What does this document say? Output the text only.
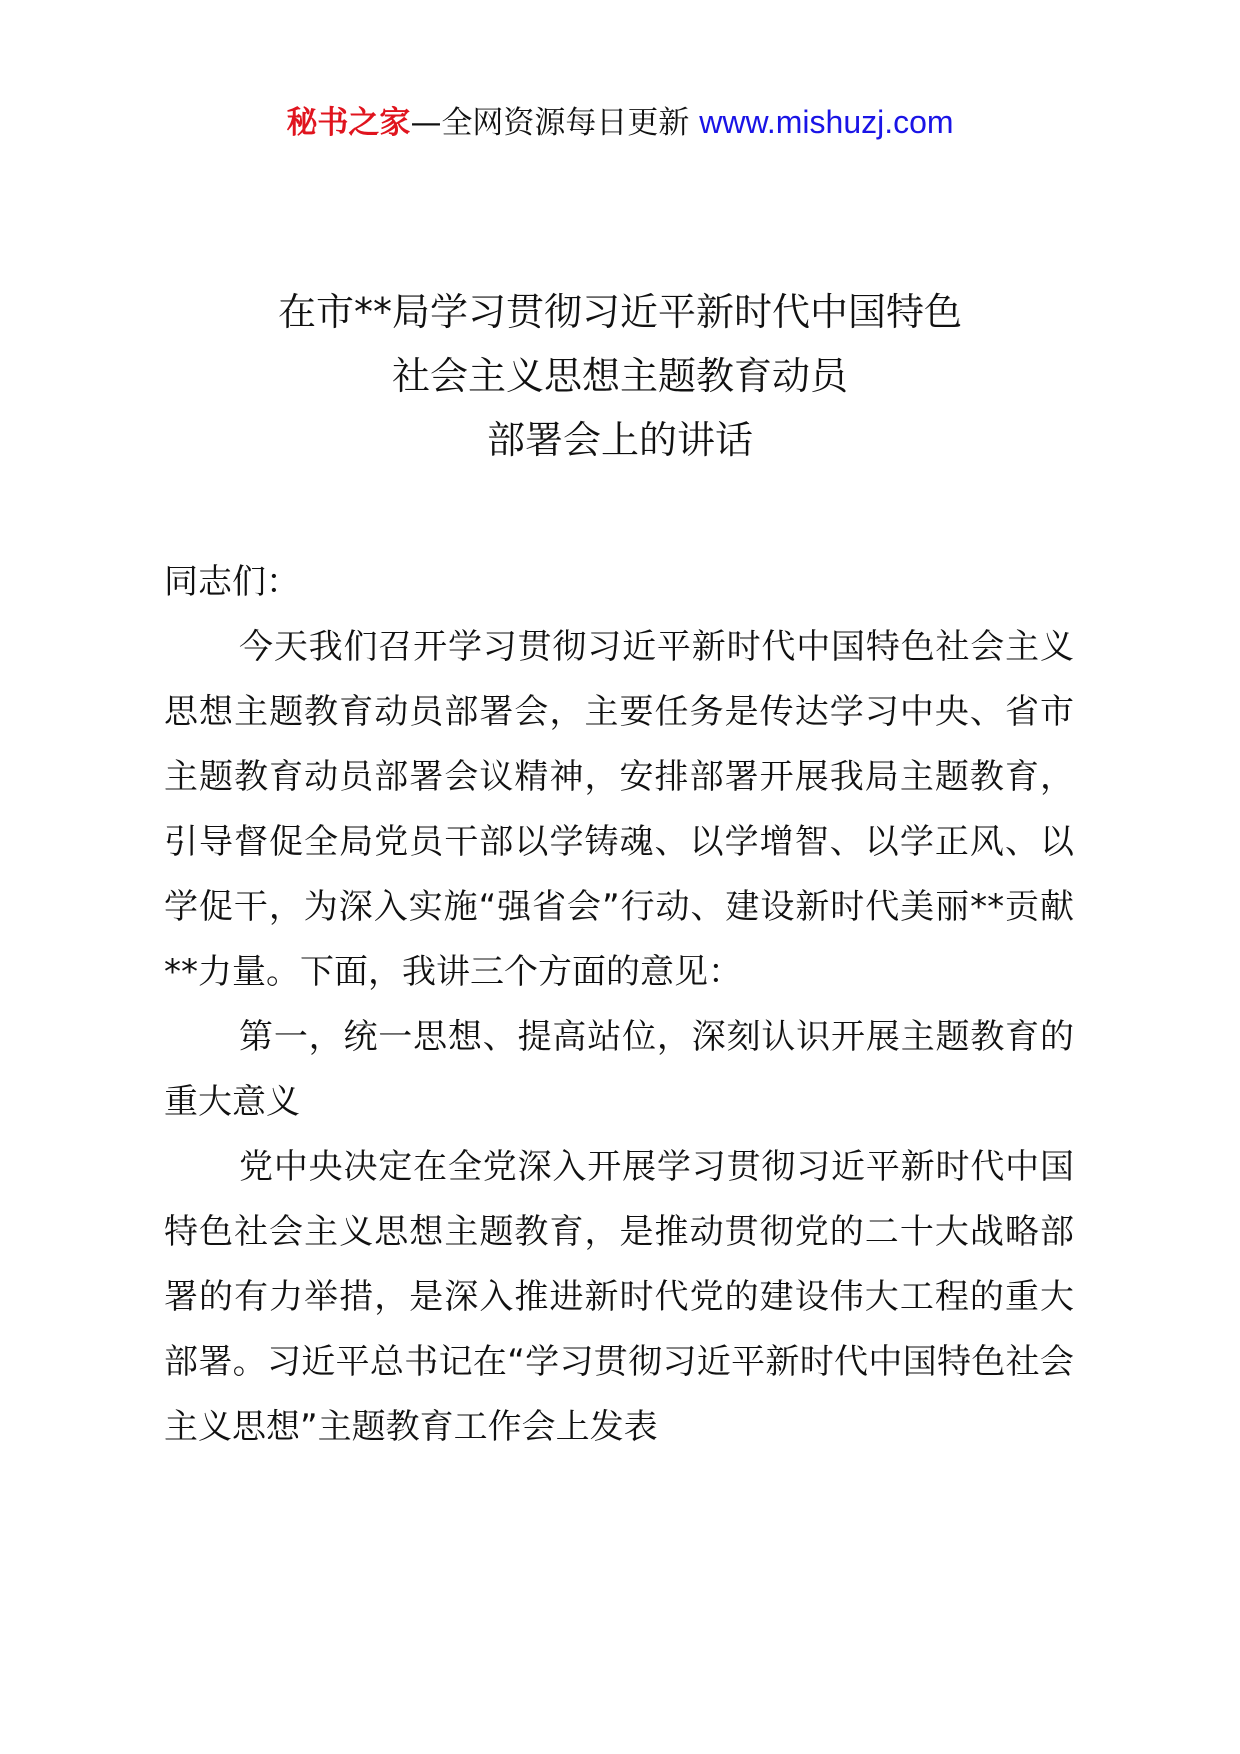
秘书之家—全网资源每日更新 www.mishuzj.com
在市**局学习贯彻习近平新时代中国特色
社会主义思想主题教育动员
部署会上的讲话

同志们：

今天我们召开学习贯彻习近平新时代中国特色社会主义思想主题教育动员部署会，主要任务是传达学习中央、省市主题教育动员部署会议精神，安排部署开展我局主题教育，引导督促全局党员干部以学铸魂、以学增智、以学正风、以学促干，为深入实施“强省会”行动、建设新时代美丽**贡献**力量。下面，我讲三个方面的意见：

第一，统一思想、提高站位，深刻认识开展主题教育的重大意义

党中央决定在全党深入开展学习贯彻习近平新时代中国特色社会主义思想主题教育，是推动贯彻党的二十大战略部署的有力举措，是深入推进新时代党的建设伟大工程的重大部署。习近平总书记在“学习贯彻习近平新时代中国特色社会主义思想”主题教育工作会上发表
